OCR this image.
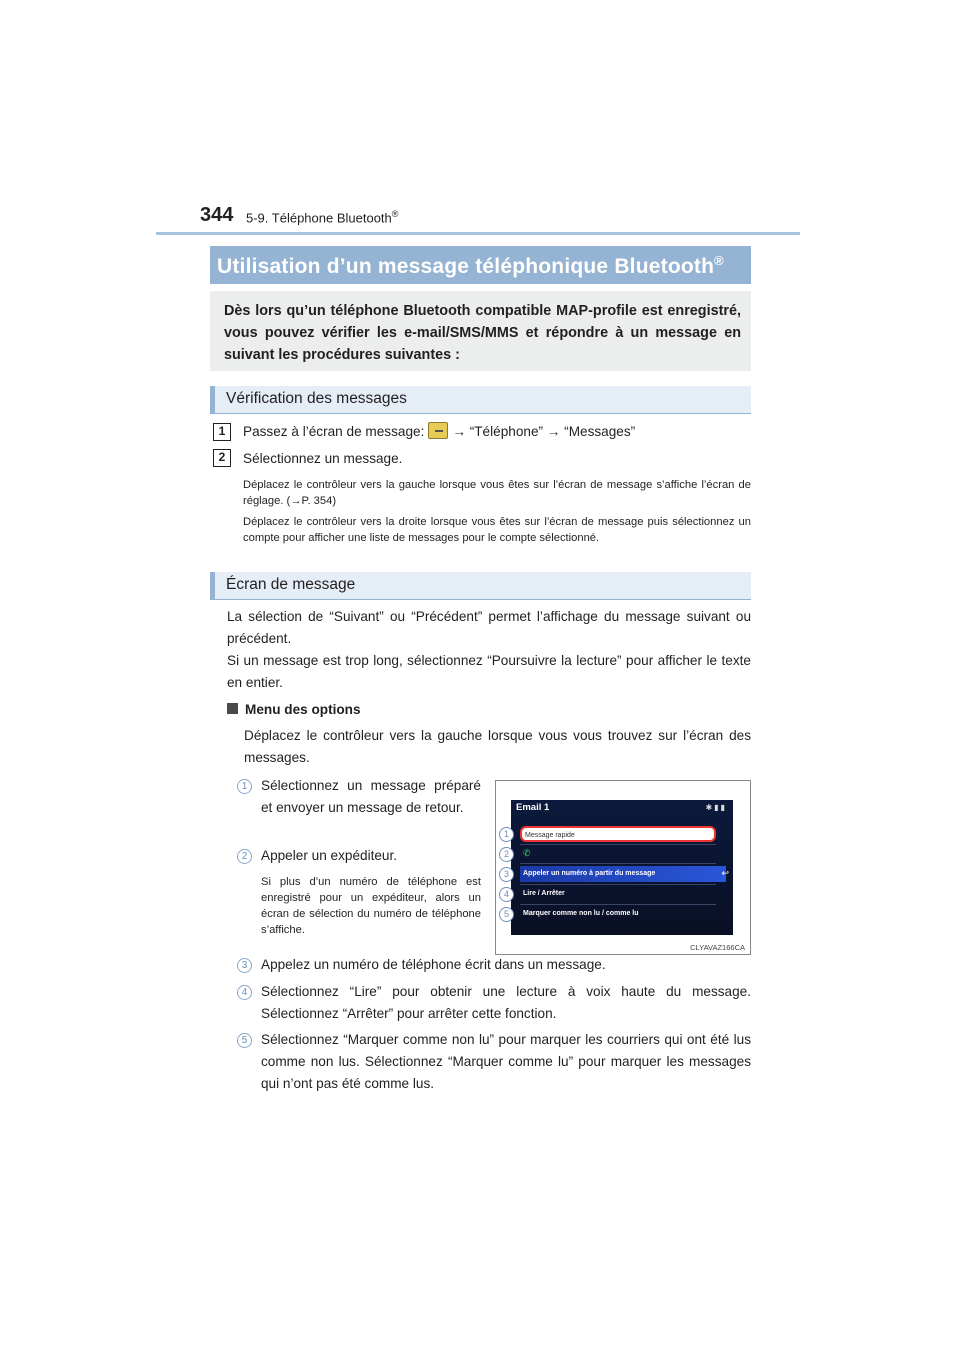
344 5-9. Téléphone Bluetooth®
Utilisation d’un message téléphonique Bluetooth®
Dès lors qu’un téléphone Bluetooth compatible MAP-profile est enregistré, vous pouvez vérifier les e-mail/SMS/MMS et répondre à un message en suivant les procédures suivantes :
Vérification des messages
1	Passez à l’écran de message: → “Téléphone” → “Messages”
2	Sélectionnez un message.
Déplacez le contrôleur vers la gauche lorsque vous êtes sur l’écran de message s’affiche l’écran de réglage. (→P. 354)
Déplacez le contrôleur vers la droite lorsque vous êtes sur l’écran de message puis sélectionnez un compte pour afficher une liste de messages pour le compte sélectionné.
Écran de message
La sélection de “Suivant” ou “Précédent” permet l’affichage du message suivant ou précédent.
Si un message est trop long, sélectionnez “Poursuivre la lecture” pour afficher le texte en entier.
Menu des options
Déplacez le contrôleur vers la gauche lorsque vous vous trouvez sur l’écran des messages.
1	Sélectionnez un message préparé et envoyer un message de retour.
2	Appeler un expéditeur.
Si plus d’un numéro de téléphone est enregistré pour un expéditeur, alors un écran de sélection du numéro de téléphone s’affiche.
Email 1	✱▮▮
Message rapide
✆
Appeler un numéro à partir du message	↩
Lire / Arrêter
Marquer comme non lu / comme lu
1
2
3
4
5
CLYAVAZ166CA
3	Appelez un numéro de téléphone écrit dans un message.
4	Sélectionnez “Lire” pour obtenir une lecture à voix haute du message. Sélectionnez “Arrêter” pour arrêter cette fonction.
5	Sélectionnez “Marquer comme non lu” pour marquer les courriers qui ont été lus comme non lus. Sélectionnez “Marquer comme lu” pour marquer les messages qui n’ont pas été comme lus.
